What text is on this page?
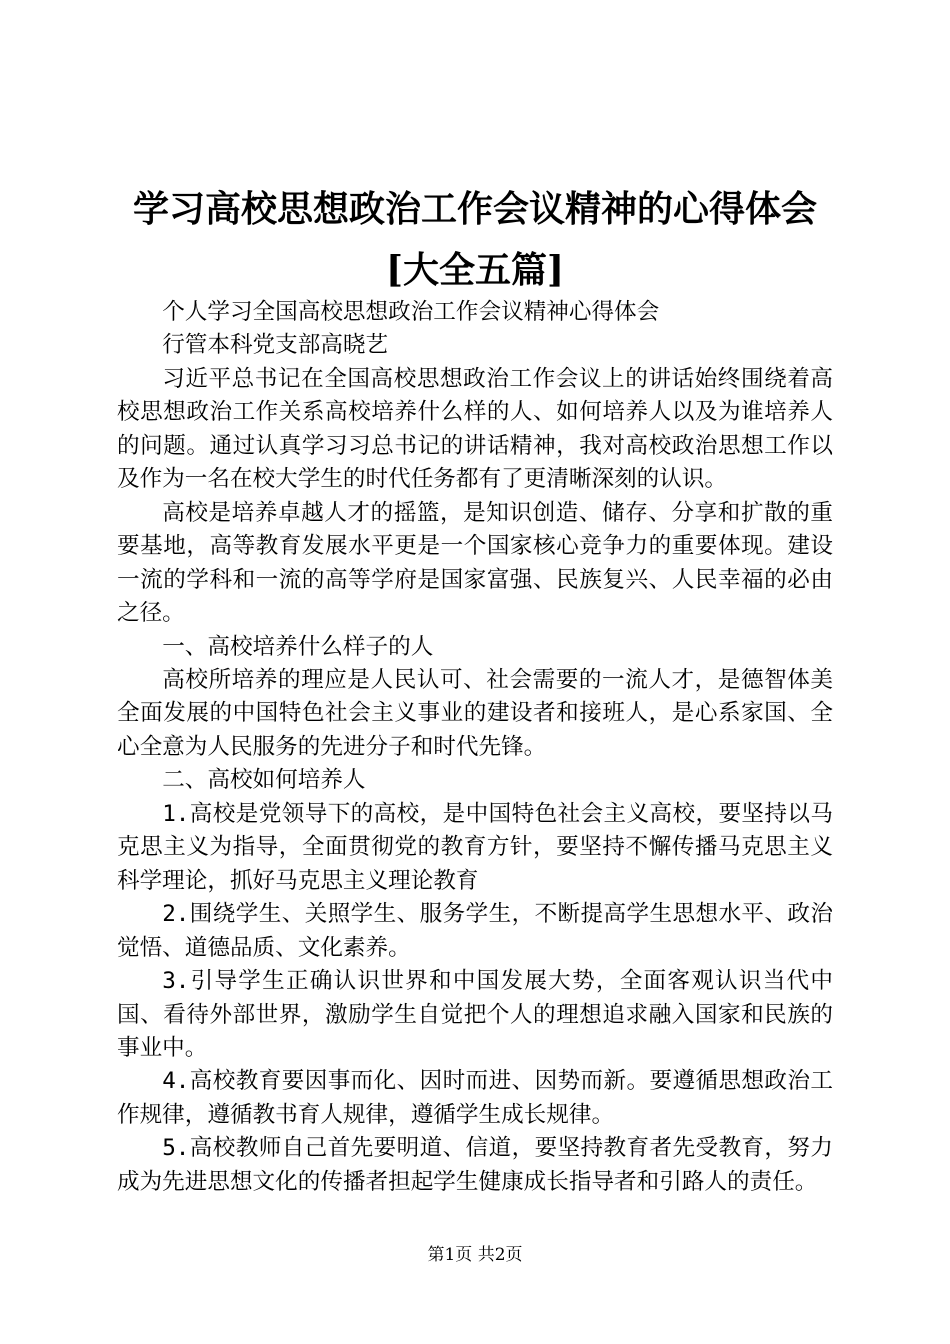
学习高校思想政治工作会议精神的心得体会
[大全五篇]

个人学习全国高校思想政治工作会议精神心得体会

行管本科党支部高晓艺

习近平总书记在全国高校思想政治工作会议上的讲话始终围绕着高校思想政治工作关系高校培养什么样的人、如何培养人以及为谁培养人的问题。通过认真学习习总书记的讲话精神，我对高校政治思想工作以及作为一名在校大学生的时代任务都有了更清晰深刻的认识。

高校是培养卓越人才的摇篮，是知识创造、储存、分享和扩散的重要基地，高等教育发展水平更是一个国家核心竞争力的重要体现。建设一流的学科和一流的高等学府是国家富强、民族复兴、人民幸福的必由之径。

一、高校培养什么样子的人

高校所培养的理应是人民认可、社会需要的一流人才，是德智体美全面发展的中国特色社会主义事业的建设者和接班人，是心系家国、全心全意为人民服务的先进分子和时代先锋。

二、高校如何培养人

1.高校是党领导下的高校，是中国特色社会主义高校，要坚持以马克思主义为指导，全面贯彻党的教育方针，要坚持不懈传播马克思主义科学理论，抓好马克思主义理论教育

2.围绕学生、关照学生、服务学生，不断提高学生思想水平、政治觉悟、道德品质、文化素养。

3.引导学生正确认识世界和中国发展大势，全面客观认识当代中国、看待外部世界，激励学生自觉把个人的理想追求融入国家和民族的事业中。

4.高校教育要因事而化、因时而进、因势而新。要遵循思想政治工作规律，遵循教书育人规律，遵循学生成长规律。

5.高校教师自己首先要明道、信道，要坚持教育者先受教育，努力成为先进思想文化的传播者担起学生健康成长指导者和引路人的责任。

第1页 共2页
